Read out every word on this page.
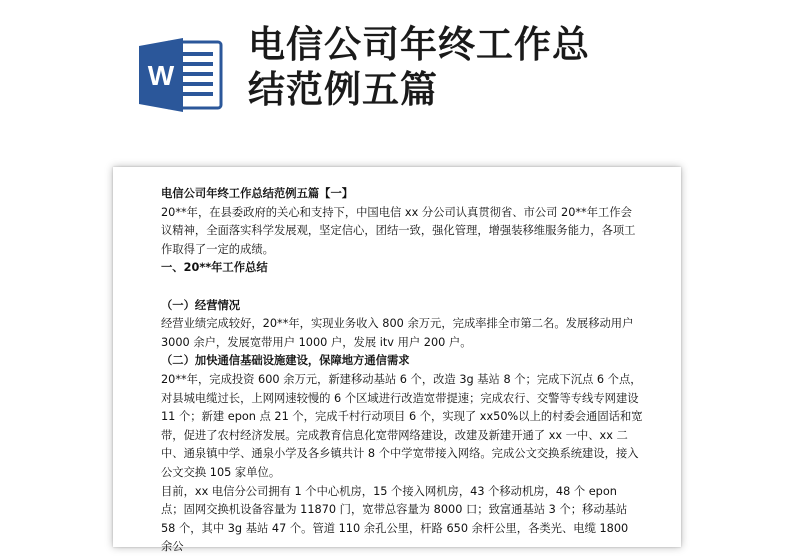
W
电信公司年终工作总
结范例五篇

电信公司年终工作总结范例五篇【一】

20**年，在县委政府的关心和支持下，中国电信 xx 分公司认真贯彻省、市公司 20**年工作会议精神，全面落实科学发展观，坚定信心，团结一致，强化管理，增强装移维服务能力，各项工作取得了一定的成绩。

一、20**年工作总结

（一）经营情况

经营业绩完成较好，20**年，实现业务收入 800 余万元，完成率排全市第二名。发展移动用户 3000 余户，发展宽带用户 1000 户，发展 itv 用户 200 户。

（二）加快通信基础设施建设，保障地方通信需求

20**年，完成投资 600 余万元，新建移动基站 6 个，改造 3g 基站 8 个；完成下沉点 6 个点，对县城电缆过长，上网网速较慢的 6 个区域进行改造宽带提速；完成农行、交警等专线专网建设 11 个；新建 epon 点 21 个，完成千村行动项目 6 个，实现了 xx50%以上的村委会通固话和宽带，促进了农村经济发展。完成教育信息化宽带网络建设，改建及新建开通了 xx 一中、xx 二中、通泉镇中学、通泉小学及各乡镇共计 8 个中学宽带接入网络。完成公文交换系统建设，接入公文交换 105 家单位。

目前，xx 电信分公司拥有 1 个中心机房，15 个接入网机房，43 个移动机房，48 个 epon 点；固网交换机设备容量为 11870 门，宽带总容量为 8000 口；致富通基站 3 个；移动基站 58 个，其中 3g 基站 47 个。管道 110 余孔公里，杆路 650 余杆公里，各类光、电缆 1800 余公
